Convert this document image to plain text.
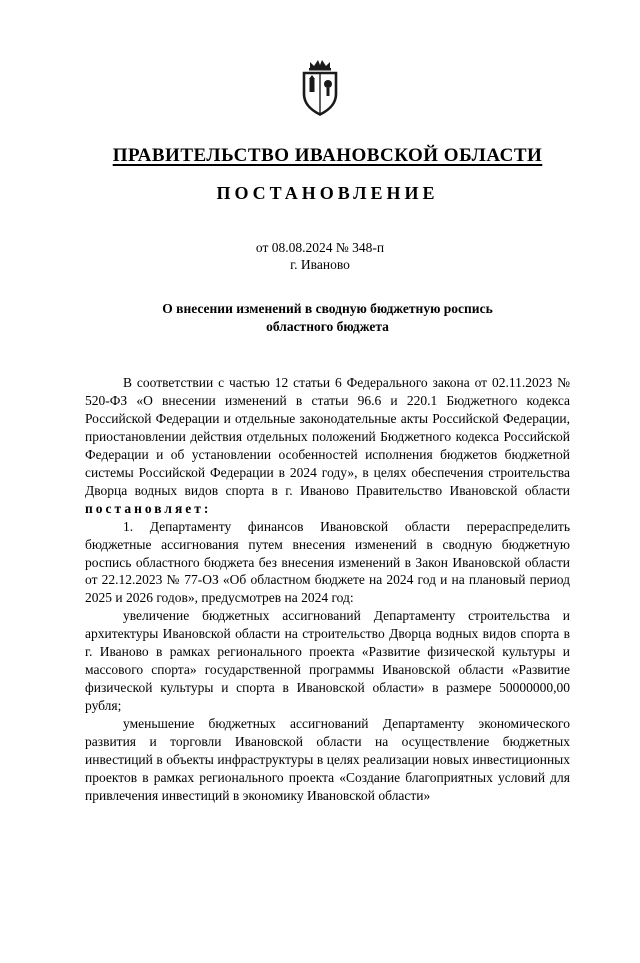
ПРАВИТЕЛЬСТВО ИВАНОВСКОЙ ОБЛАСТИ
ПОСТАНОВЛЕНИЕ
от 08.08.2024 № 348-п
г. Иваново
О внесении изменений в сводную бюджетную роспись
областного бюджета

В соответствии с частью 12 статьи 6 Федерального закона от 02.11.2023 № 520-ФЗ «О внесении изменений в статьи 96.6 и 220.1 Бюджетного кодекса Российской Федерации и отдельные законодательные акты Российской Федерации, приостановлении действия отдельных положений Бюджетного кодекса Российской Федерации и об установлении особенностей исполнения бюджетов бюджетной системы Российской Федерации в 2024 году», в целях обеспечения строительства Дворца водных видов спорта в г. Иваново Правительство Ивановской области постановляет:

1. Департаменту финансов Ивановской области перераспределить бюджетные ассигнования путем внесения изменений в сводную бюджетную роспись областного бюджета без внесения изменений в Закон Ивановской области от 22.12.2023 № 77-ОЗ «Об областном бюджете на 2024 год и на плановый период 2025 и 2026 годов», предусмотрев на 2024 год:

увеличение бюджетных ассигнований Департаменту строительства и архитектуры Ивановской области на строительство Дворца водных видов спорта в г. Иваново в рамках регионального проекта «Развитие физической культуры и массового спорта» государственной программы Ивановской области «Развитие физической культуры и спорта в Ивановской области» в размере 50000000,00 рубля;

уменьшение бюджетных ассигнований Департаменту экономического развития и торговли Ивановской области на осуществление бюджетных инвестиций в объекты инфраструктуры в целях реализации новых инвестиционных проектов в рамках регионального проекта «Создание благоприятных условий для привлечения инвестиций в экономику Ивановской области»
